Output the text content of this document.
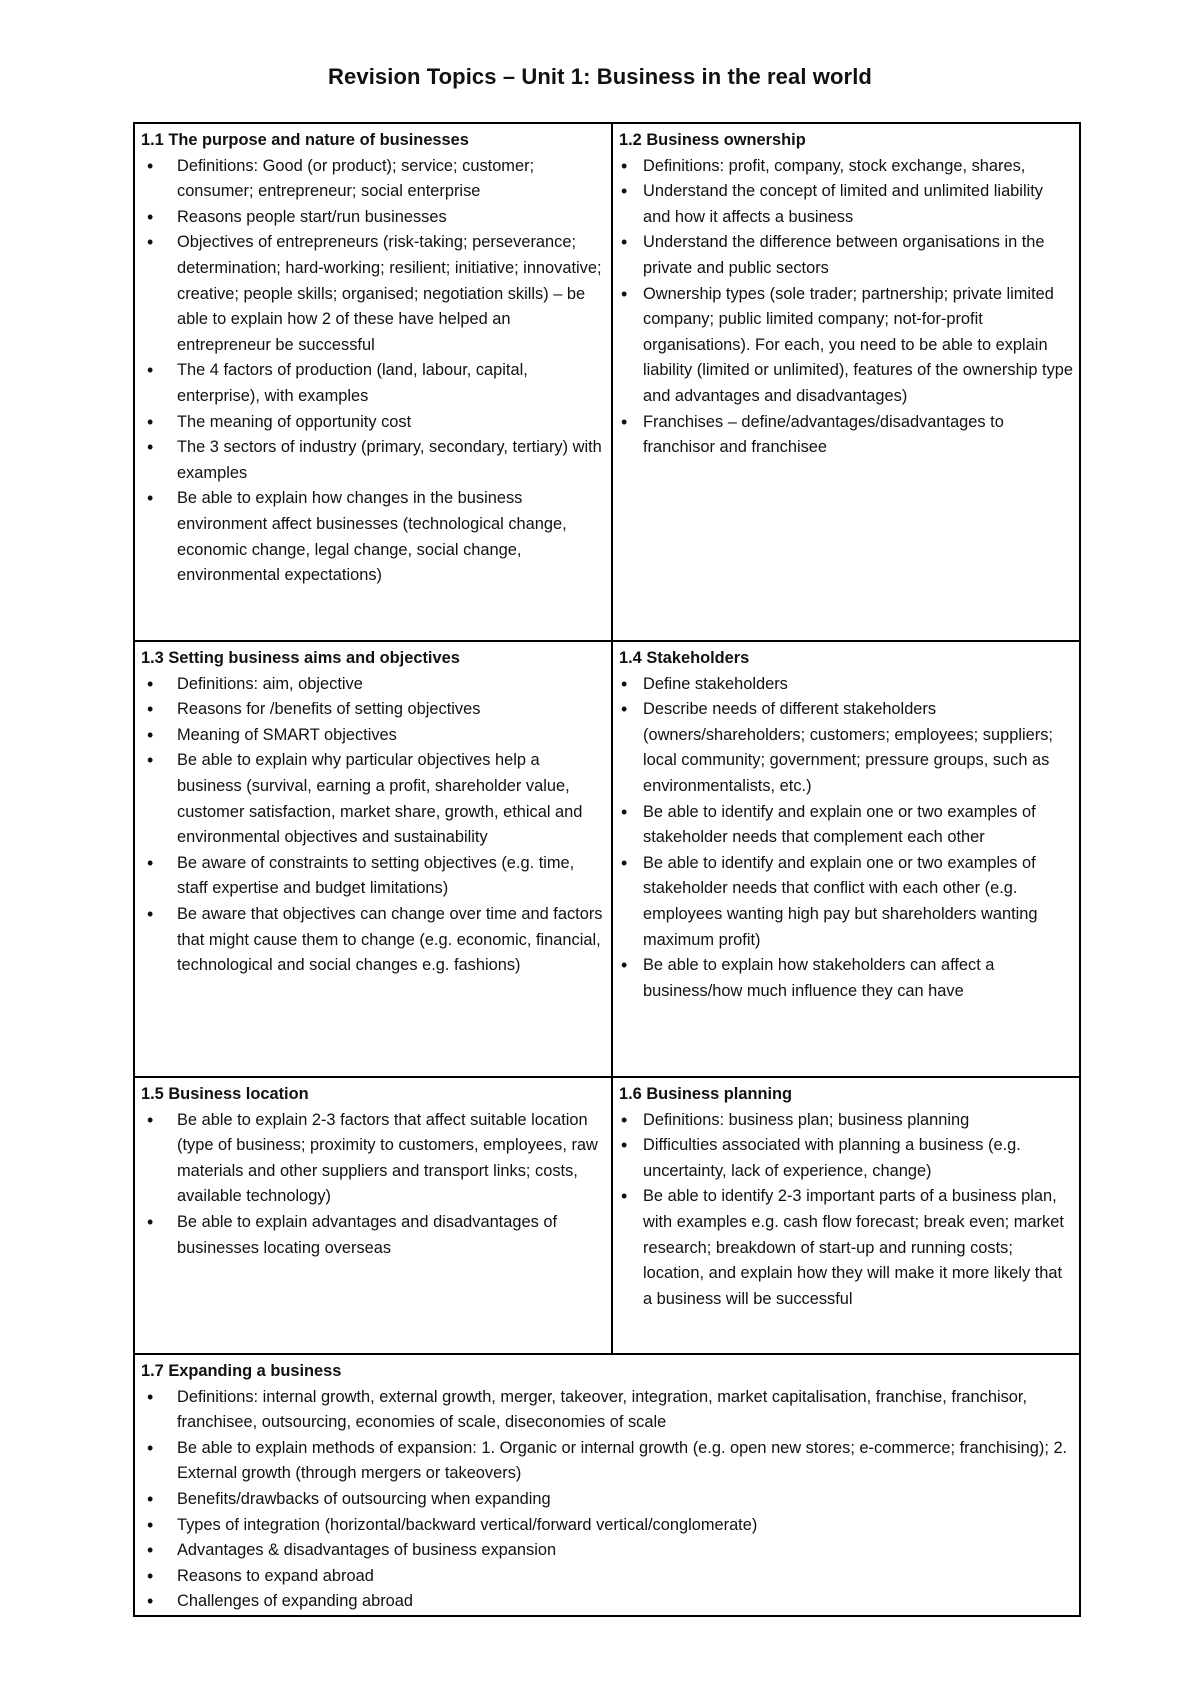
Revision Topics – Unit 1: Business in the real world
1.1 The purpose and nature of businesses
• Definitions: Good (or product); service; customer; consumer; entrepreneur; social enterprise
• Reasons people start/run businesses
• Objectives of entrepreneurs (risk-taking; perseverance; determination; hard-working; resilient; initiative; innovative; creative; people skills; organised; negotiation skills) – be able to explain how 2 of these have helped an entrepreneur be successful
• The 4 factors of production (land, labour, capital, enterprise), with examples
• The meaning of opportunity cost
• The 3 sectors of industry (primary, secondary, tertiary) with examples
• Be able to explain how changes in the business environment affect businesses (technological change, economic change, legal change, social change, environmental expectations)
1.2 Business ownership
• Definitions: profit, company, stock exchange, shares,
• Understand the concept of limited and unlimited liability and how it affects a business
• Understand the difference between organisations in the private and public sectors
• Ownership types (sole trader; partnership; private limited company; public limited company; not-for-profit organisations). For each, you need to be able to explain liability (limited or unlimited), features of the ownership type and advantages and disadvantages)
• Franchises – define/advantages/disadvantages to franchisor and franchisee
1.3 Setting business aims and objectives
• Definitions: aim, objective
• Reasons for /benefits of setting objectives
• Meaning of SMART objectives
• Be able to explain why particular objectives help a business (survival, earning a profit, shareholder value, customer satisfaction, market share, growth, ethical and environmental objectives and sustainability
• Be aware of constraints to setting objectives (e.g. time, staff expertise and budget limitations)
• Be aware that objectives can change over time and factors that might cause them to change (e.g. economic, financial, technological and social changes e.g. fashions)
1.4 Stakeholders
• Define stakeholders
• Describe needs of different stakeholders (owners/shareholders; customers; employees; suppliers; local community; government; pressure groups, such as environmentalists, etc.)
• Be able to identify and explain one or two examples of stakeholder needs that complement each other
• Be able to identify and explain one or two examples of stakeholder needs that conflict with each other (e.g. employees wanting high pay but shareholders wanting maximum profit)
• Be able to explain how stakeholders can affect a business/how much influence they can have
1.5 Business location
• Be able to explain 2-3 factors that affect suitable location (type of business; proximity to customers, employees, raw materials and other suppliers and transport links; costs, available technology)
• Be able to explain advantages and disadvantages of businesses locating overseas
1.6 Business planning
• Definitions: business plan; business planning
• Difficulties associated with planning a business (e.g. uncertainty, lack of experience, change)
• Be able to identify 2-3 important parts of a business plan, with examples e.g. cash flow forecast; break even; market research; breakdown of start-up and running costs; location, and explain how they will make it more likely that a business will be successful
1.7 Expanding a business
• Definitions: internal growth, external growth, merger, takeover, integration, market capitalisation, franchise, franchisor, franchisee, outsourcing, economies of scale, diseconomies of scale
• Be able to explain methods of expansion: 1. Organic or internal growth (e.g. open new stores; e-commerce; franchising); 2. External growth (through mergers or takeovers)
• Benefits/drawbacks of outsourcing when expanding
• Types of integration (horizontal/backward vertical/forward vertical/conglomerate)
• Advantages & disadvantages of business expansion
• Reasons to expand abroad
• Challenges of expanding abroad
